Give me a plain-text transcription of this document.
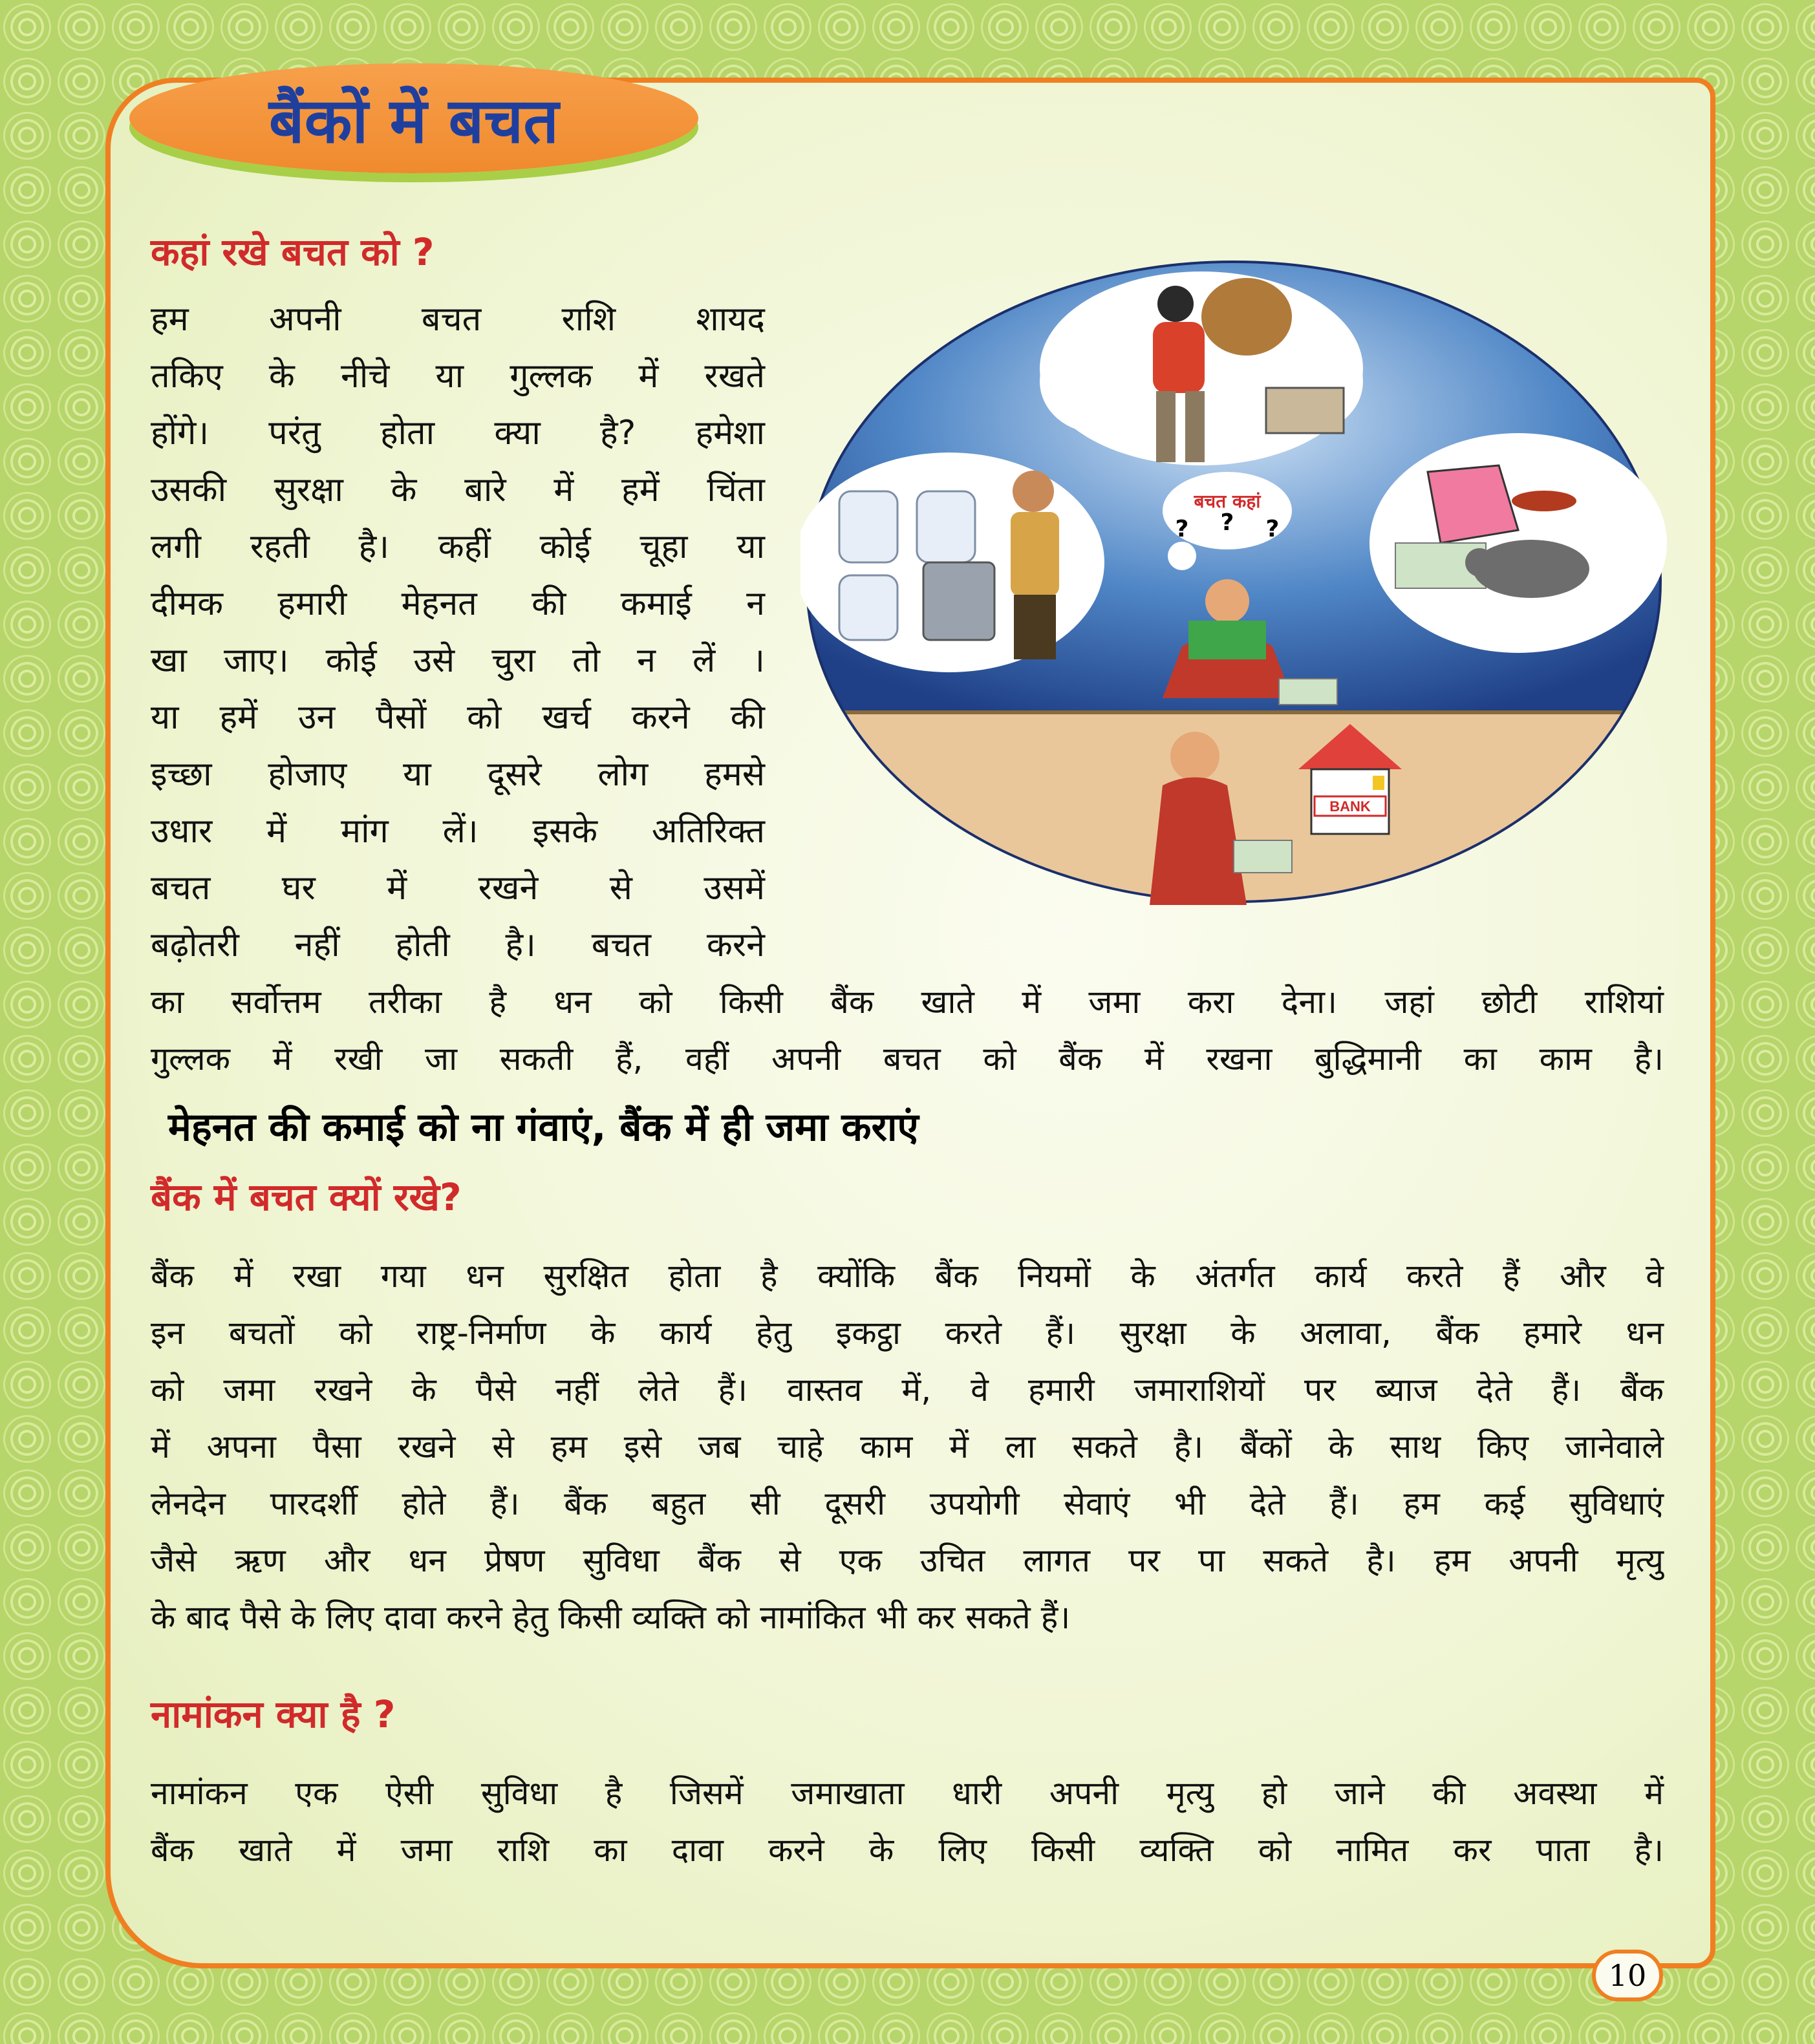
बैंकों में बचत
कहां रखे बचत को ?
हम अपनी बचत राशि शायद
तकिए के नीचे या गुल्लक में रखते
होंगे। परंतु होता क्या है? हमेशा
उसकी सुरक्षा के बारे में हमें चिंता
लगी रहती है। कहीं कोई चूहा या
दीमक हमारी मेहनत की कमाई न
खा जाए। कोई उसे चुरा तो न लें ।
या हमें उन पैसों को खर्च करने की
इच्छा होजाए या दूसरे लोग हमसे
उधार में मांग लें। इसके अतिरिक्त
बचत घर में रखने से उसमें
बढ़ोतरी नहीं होती है। बचत करने
का सर्वोत्तम तरीका है धन को किसी बैंक खाते में जमा करा देना। जहां छोटी राशियां
गुल्लक में रखी जा सकती हैं, वहीं अपनी बचत को बैंक में रखना बुद्धिमानी का काम है।
मेहनत की कमाई को ना गंवाएं, बैंक में ही जमा कराएं
बैंक में बचत क्यों रखे?
बैंक में रखा गया धन सुरक्षित होता है क्योंकि बैंक नियमों के अंतर्गत कार्य करते हैं और वे
इन बचतों को राष्ट्र-निर्माण के कार्य हेतु इकट्ठा करते हैं। सुरक्षा के अलावा, बैंक हमारे धन
को जमा रखने के पैसे नहीं लेते हैं। वास्तव में, वे हमारी जमाराशियों पर ब्याज देते हैं। बैंक
में अपना पैसा रखने से हम इसे जब चाहे काम में ला सकते है। बैंकों के साथ किए जानेवाले
लेनदेन पारदर्शी होते हैं। बैंक बहुत सी दूसरी उपयोगी सेवाएं भी देते हैं। हम कई सुविधाएं
जैसे ऋण और धन प्रेषण सुविधा बैंक से एक उचित लागत पर पा सकते है। हम अपनी मृत्यु
के बाद पैसे के लिए दावा करने हेतु किसी व्यक्ति को नामांकित भी कर सकते हैं।
नामांकन क्या है ?
नामांकन एक ऐसी सुविधा है जिसमें जमाखाता धारी अपनी मृत्यु हो जाने की अवस्था में
बैंक खाते में जमा राशि का दावा करने के लिए किसी व्यक्ति को नामित कर पाता है।
बचत कहां
? ? ?
BANK
10
